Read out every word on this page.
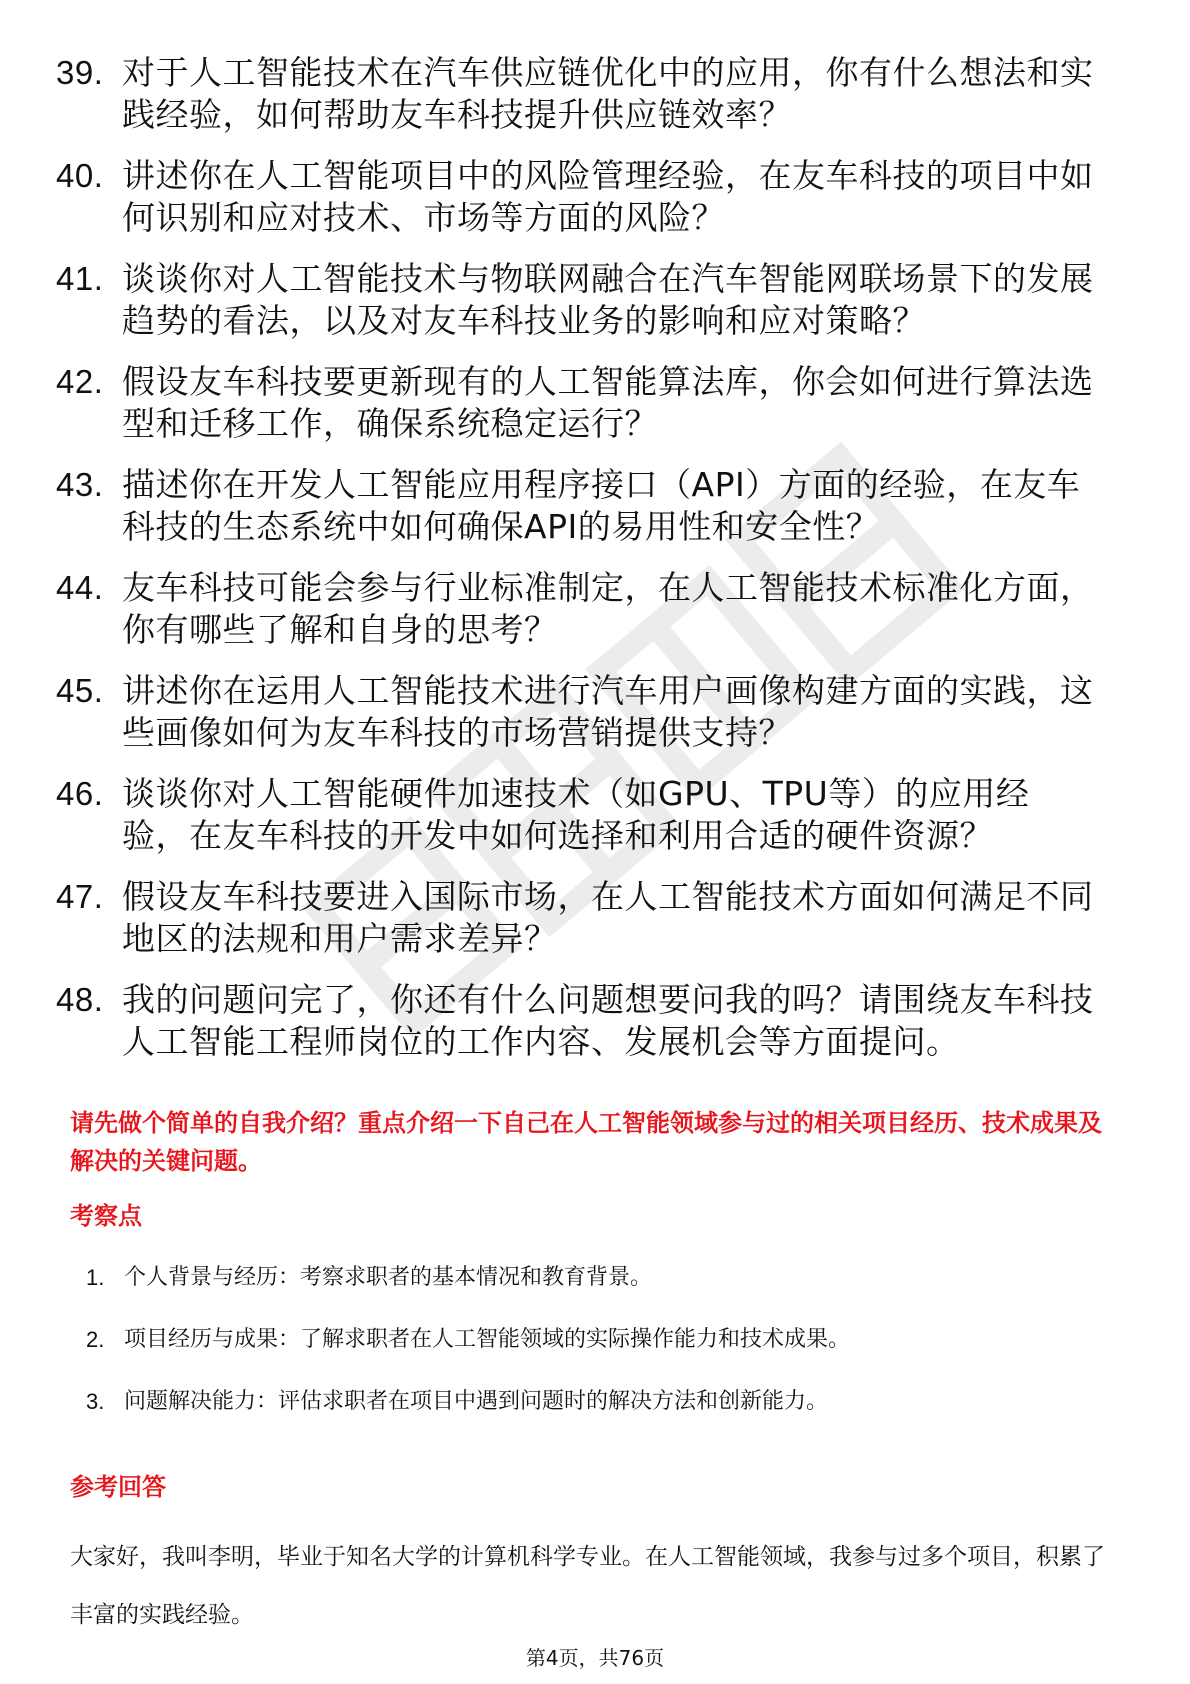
39. 对于人工智能技术在汽车供应链优化中的应用，你有什么想法和实践经验，如何帮助友车科技提升供应链效率？
40. 讲述你在人工智能项目中的风险管理经验，在友车科技的项目中如何识别和应对技术、市场等方面的风险？
41. 谈谈你对人工智能技术与物联网融合在汽车智能网联场景下的发展趋势的看法，以及对友车科技业务的影响和应对策略？
42. 假设友车科技要更新现有的人工智能算法库，你会如何进行算法选型和迁移工作，确保系统稳定运行？
43. 描述你在开发人工智能应用程序接口（API）方面的经验，在友车科技的生态系统中如何确保API的易用性和安全性？
44. 友车科技可能会参与行业标准制定，在人工智能技术标准化方面，你有哪些了解和自身的思考？
45. 讲述你在运用人工智能技术进行汽车用户画像构建方面的实践，这些画像如何为友车科技的市场营销提供支持？
46. 谈谈你对人工智能硬件加速技术（如GPU、TPU等）的应用经验，在友车科技的开发中如何选择和利用合适的硬件资源？
47. 假设友车科技要进入国际市场，在人工智能技术方面如何满足不同地区的法规和用户需求差异？
48. 我的问题问完了，你还有什么问题想要问我的吗？请围绕友车科技人工智能工程师岗位的工作内容、发展机会等方面提问。
请先做个简单的自我介绍？重点介绍一下自己在人工智能领域参与过的相关项目经历、技术成果及解决的关键问题。
考察点
1. 个人背景与经历：考察求职者的基本情况和教育背景。
2. 项目经历与成果：了解求职者在人工智能领域的实际操作能力和技术成果。
3. 问题解决能力：评估求职者在项目中遇到问题时的解决方法和创新能力。
参考回答
大家好，我叫李明，毕业于知名大学的计算机科学专业。在人工智能领域，我参与过多个项目，积累了丰富的实践经验。
第4页，共76页
